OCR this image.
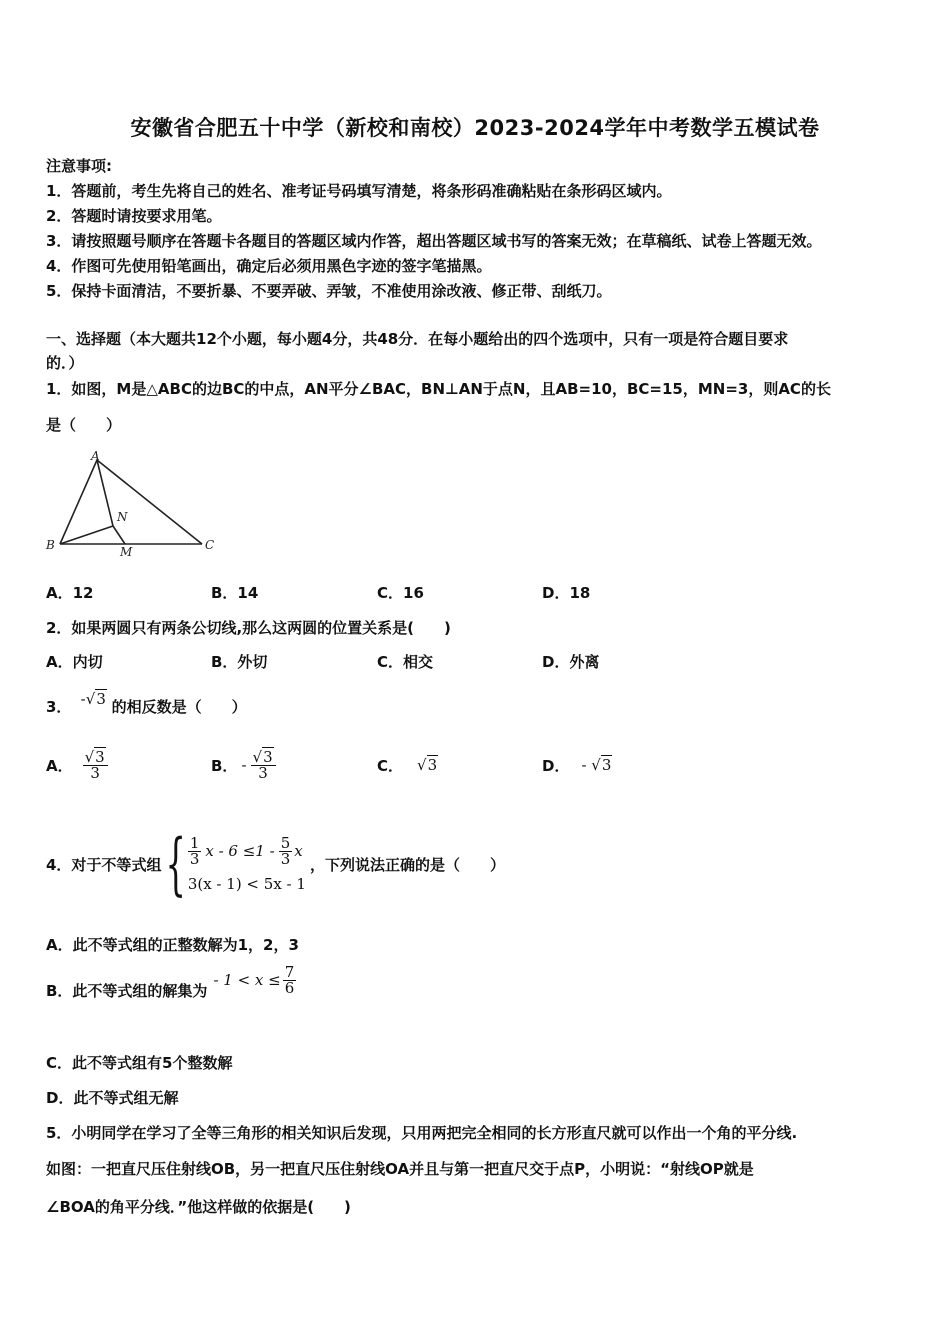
安徽省合肥五十中学（新校和南校）2023-2024学年中考数学五模试卷
注意事项:
1．答题前，考生先将自己的姓名、准考证号码填写清楚，将条形码准确粘贴在条形码区域内。
2．答题时请按要求用笔。
3．请按照题号顺序在答题卡各题目的答题区域内作答，超出答题区域书写的答案无效；在草稿纸、试卷上答题无效。
4．作图可先使用铅笔画出，确定后必须用黑色字迹的签字笔描黑。
5．保持卡面清洁，不要折暴、不要弄破、弄皱，不准使用涂改液、修正带、刮纸刀。
一、选择题（本大题共12个小题，每小题4分，共48分．在每小题给出的四个选项中，只有一项是符合题目要求
的．）
1．如图，M是△ABC的边BC的中点，AN平分∠BAC，BN⊥AN于点N，且AB=10，BC=15，MN=3，则AC的长
是（　　）
A
B	C
M
N
A．12	B．14	C．16	D．18
2．如果两圆只有两条公切线,那么这两圆的位置关系是(　　)
A．内切	B．外切	C．相交	D．外离
3． -√3 的相反数是（　　）
A． $\frac{√3}{3}$	B． - $\frac{√3}{3}$	C． √3	D． - √3
4．对于不等式组 { $\frac{1}{3}$ $x - 6 \le 1 - \frac{5}{3}$ x
3(x - 1) < 5x - 1
，下列说法正确的是（　　）
A．此不等式组的正整数解为1，2，3
B．此不等式组的解集为
- $1 < x \le \frac{7}{6}$
C．此不等式组有5个整数解
D．此不等式组无解
5．小明同学在学习了全等三角形的相关知识后发现，只用两把完全相同的长方形直尺就可以作出一个角的平分线.
如图：一把直尺压住射线OB，另一把直尺压住射线OA并且与第一把直尺交于点P，小明说：“射线OP就是
∠BOA的角平分线．”他这样做的依据是(　　)
